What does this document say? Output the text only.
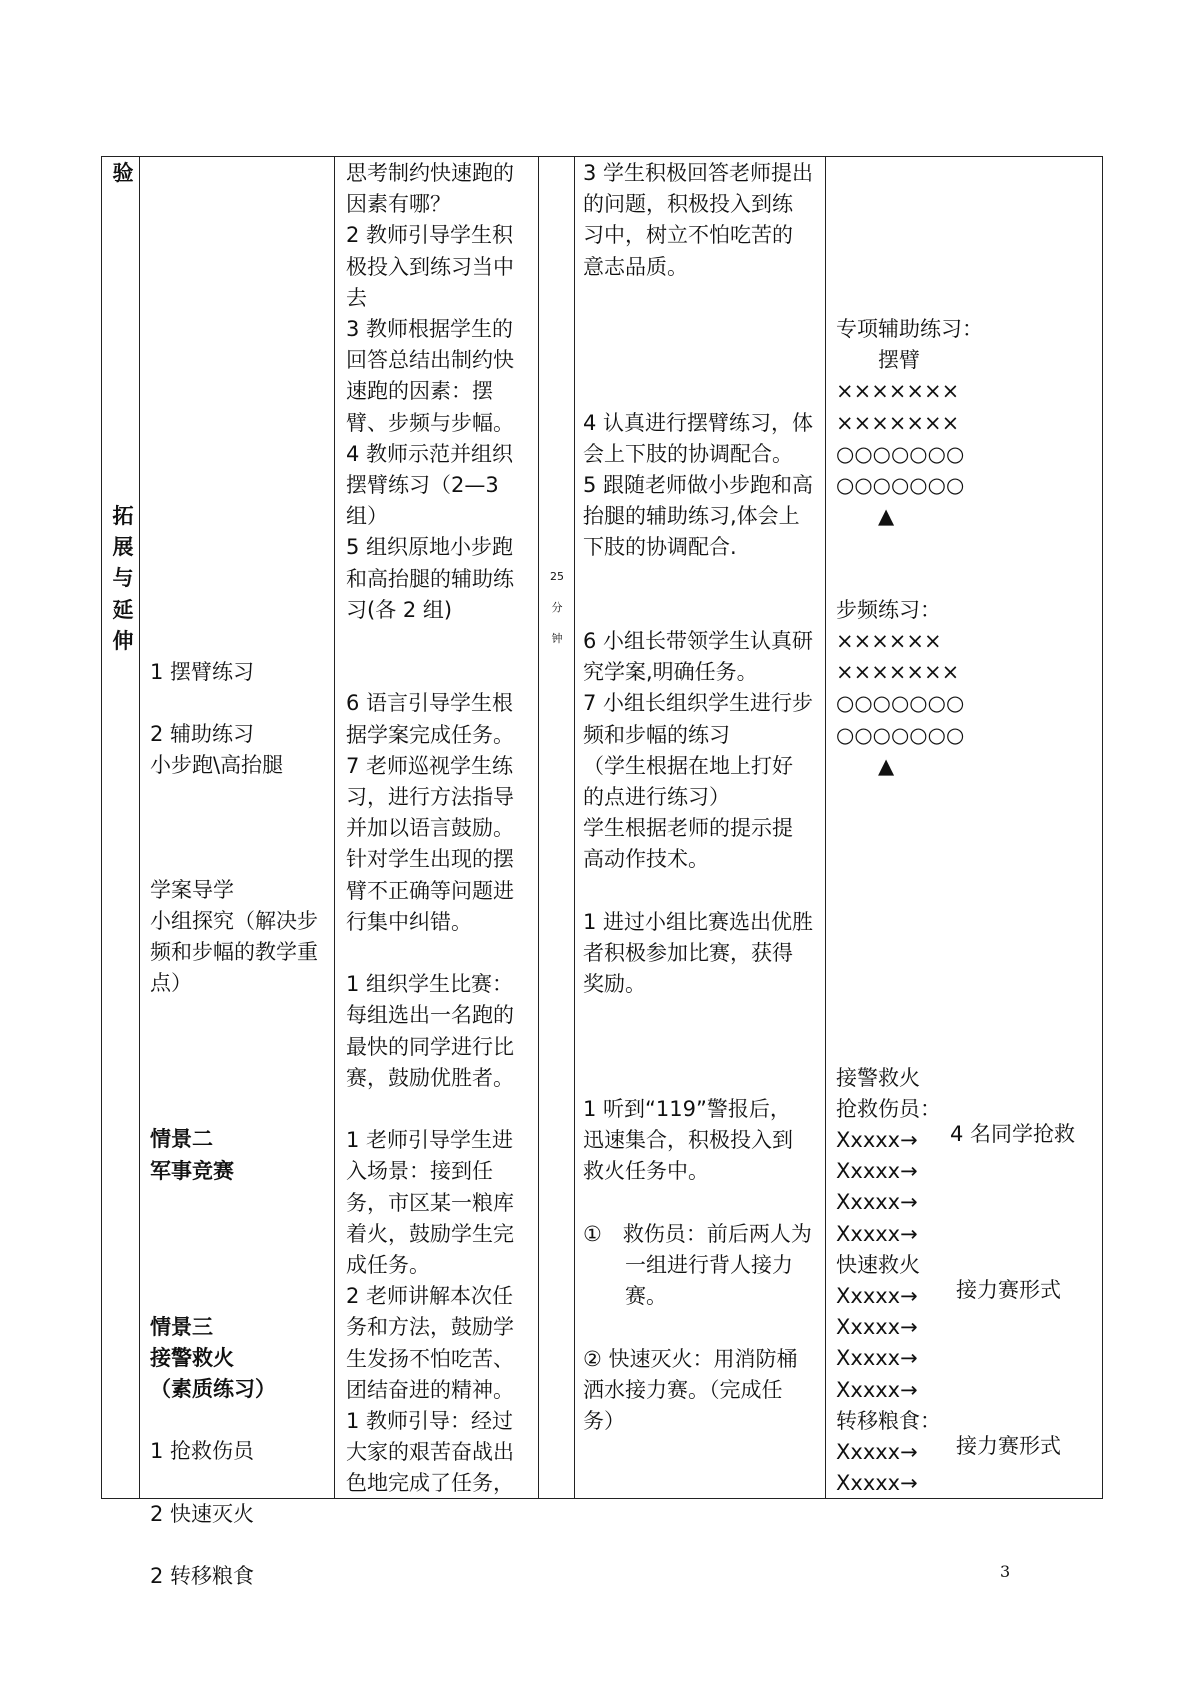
验
拓
展
与
延
伸
1 摆臂练习
2 辅助练习
小步跑\高抬腿
学案导学
小组探究（解决步
频和步幅的教学重
点）
情景二
军事竞赛
情景三
接警救火
（素质练习）
1 抢救伤员
2 快速灭火
2 转移粮食
思考制约快速跑的
因素有哪？
2 教师引导学生积
极投入到练习当中
去
3 教师根据学生的
回答总结出制约快
速跑的因素：摆
臂、步频与步幅。
4 教师示范并组织
摆臂练习（2—3
组）
5 组织原地小步跑
和高抬腿的辅助练
习(各 2 组)
6 语言引导学生根
据学案完成任务。
7 老师巡视学生练
习，进行方法指导
并加以语言鼓励。
针对学生出现的摆
臂不正确等问题进
行集中纠错。
1 组织学生比赛：
每组选出一名跑的
最快的同学进行比
赛，鼓励优胜者。
1 老师引导学生进
入场景：接到任
务，市区某一粮库
着火，鼓励学生完
成任务。
2 老师讲解本次任
务和方法，鼓励学
生发扬不怕吃苦、
团结奋进的精神。
1 教师引导：经过
大家的艰苦奋战出
色地完成了任务，
25
分
钟
3 学生积极回答老师提出
的问题，积极投入到练
习中，树立不怕吃苦的
意志品质。
4 认真进行摆臂练习，体
会上下肢的协调配合。
5 跟随老师做小步跑和高
抬腿的辅助练习,体会上
下肢的协调配合.
6 小组长带领学生认真研
究学案,明确任务。
7 小组长组织学生进行步
频和步幅的练习
（学生根据在地上打好
的点进行练习）
学生根据老师的提示提
高动作技术。
1 进过小组比赛选出优胜
者积极参加比赛，获得
奖励。
1 听到“119”警报后，
迅速集合，积极投入到
救火任务中。
①　救伤员：前后两人为
　　一组进行背人接力
　　赛。
② 快速灭火：用消防桶
洒水接力赛。（完成任
务）
专项辅助练习：
　　摆臂
×××××××
×××××××
○○○○○○○
○○○○○○○
　　▲
步频练习：
××××××
×××××××
○○○○○○○
○○○○○○○
　　▲
接警救火
抢救伤员：
Xxxxx→
Xxxxx→
Xxxxx→
Xxxxx→
快速救火
Xxxxx→
Xxxxx→
Xxxxx→
Xxxxx→
转移粮食：
Xxxxx→
Xxxxx→
4 名同学抢救
接力赛形式
接力赛形式
3
